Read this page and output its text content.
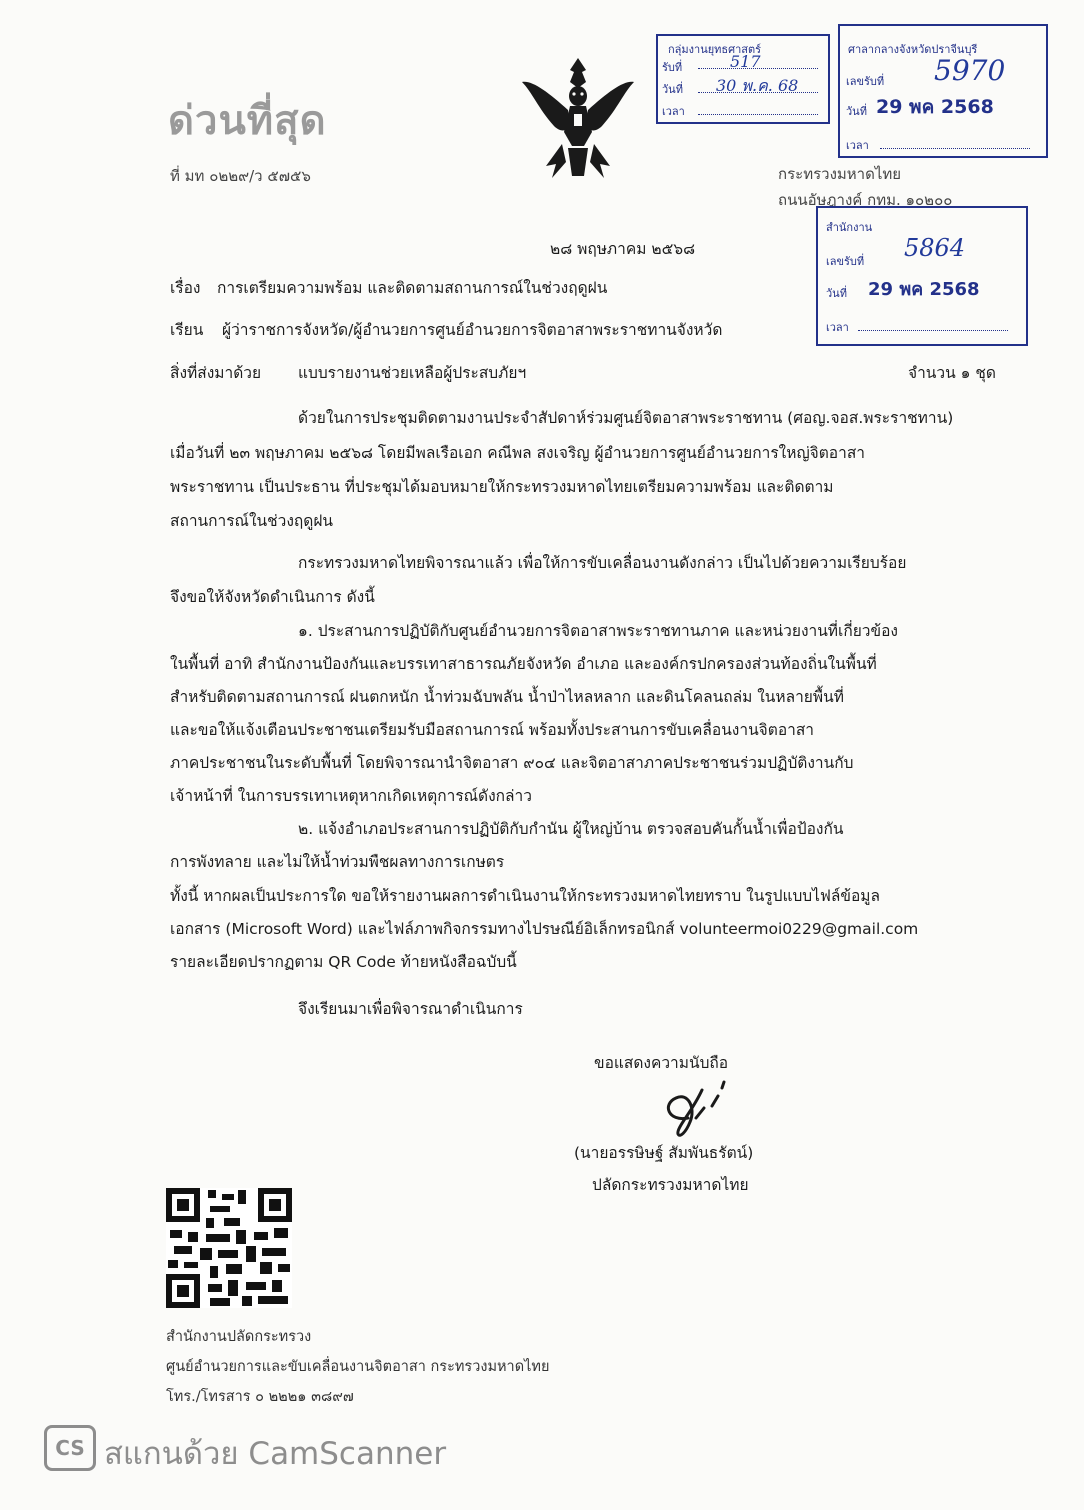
ด่วนที่สุด
ที่ มท ๐๒๒๙/ว ๕๗๕๖
กลุ่มงานยุทธศาสตร์
รับที่	517
วันที่ 30 พ.ค. 68
เวลา
ศาลากลางจังหวัดปราจีนบุรี
เลขรับที่ 5970
วันที่ 29 พค 2568
เวลา
กระทรวงมหาดไทย
ถนนอัษฎางค์ กทม. ๑๐๒๐๐
สำนักงาน
เลขรับที่ 5864
วันที่ 29 พค 2568
เวลา
๒๘ พฤษภาคม ๒๕๖๘
เรื่อง การเตรียมความพร้อม และติดตามสถานการณ์ในช่วงฤดูฝน
เรียน ผู้ว่าราชการจังหวัด/ผู้อำนวยการศูนย์อำนวยการจิตอาสาพระราชทานจังหวัด
สิ่งที่ส่งมาด้วย แบบรายงานช่วยเหลือผู้ประสบภัยฯ	จำนวน ๑ ชุด
ด้วยในการประชุมติดตามงานประจำสัปดาห์ร่วมศูนย์จิตอาสาพระราชทาน (ศอญ.จอส.พระราชทาน)
เมื่อวันที่ ๒๓ พฤษภาคม ๒๕๖๘ โดยมีพลเรือเอก คณีพล สงเจริญ ผู้อำนวยการศูนย์อำนวยการใหญ่จิตอาสา
พระราชทาน เป็นประธาน ที่ประชุมได้มอบหมายให้กระทรวงมหาดไทยเตรียมความพร้อม และติดตาม
สถานการณ์ในช่วงฤดูฝน
กระทรวงมหาดไทยพิจารณาแล้ว เพื่อให้การขับเคลื่อนงานดังกล่าว เป็นไปด้วยความเรียบร้อย
จึงขอให้จังหวัดดำเนินการ ดังนี้
๑. ประสานการปฏิบัติกับศูนย์อำนวยการจิตอาสาพระราชทานภาค และหน่วยงานที่เกี่ยวข้อง
ในพื้นที่ อาทิ สำนักงานป้องกันและบรรเทาสาธารณภัยจังหวัด อำเภอ และองค์กรปกครองส่วนท้องถิ่นในพื้นที่
สำหรับติดตามสถานการณ์ ฝนตกหนัก น้ำท่วมฉับพลัน น้ำป่าไหลหลาก และดินโคลนถล่ม ในหลายพื้นที่
และขอให้แจ้งเตือนประชาชนเตรียมรับมือสถานการณ์ พร้อมทั้งประสานการขับเคลื่อนงานจิตอาสา
ภาคประชาชนในระดับพื้นที่ โดยพิจารณานำจิตอาสา ๙๐๔ และจิตอาสาภาคประชาชนร่วมปฏิบัติงานกับ
เจ้าหน้าที่ ในการบรรเทาเหตุหากเกิดเหตุการณ์ดังกล่าว
๒. แจ้งอำเภอประสานการปฏิบัติกับกำนัน ผู้ใหญ่บ้าน ตรวจสอบคันกั้นน้ำเพื่อป้องกัน
การพังทลาย และไม่ให้น้ำท่วมพืชผลทางการเกษตร
ทั้งนี้ หากผลเป็นประการใด ขอให้รายงานผลการดำเนินงานให้กระทรวงมหาดไทยทราบ ในรูปแบบไฟล์ข้อมูล
เอกสาร (Microsoft Word) และไฟล์ภาพกิจกรรมทางไปรษณีย์อิเล็กทรอนิกส์ volunteermoi0229@gmail.com
รายละเอียดปรากฏตาม QR Code ท้ายหนังสือฉบับนี้
จึงเรียนมาเพื่อพิจารณาดำเนินการ
ขอแสดงความนับถือ
(นายอรรษิษฐ์ สัมพันธรัตน์)
ปลัดกระทรวงมหาดไทย
สำนักงานปลัดกระทรวง
ศูนย์อำนวยการและขับเคลื่อนงานจิตอาสา กระทรวงมหาดไทย
โทร./โทรสาร ๐ ๒๒๒๑ ๓๘๙๗
CS สแกนด้วย CamScanner
